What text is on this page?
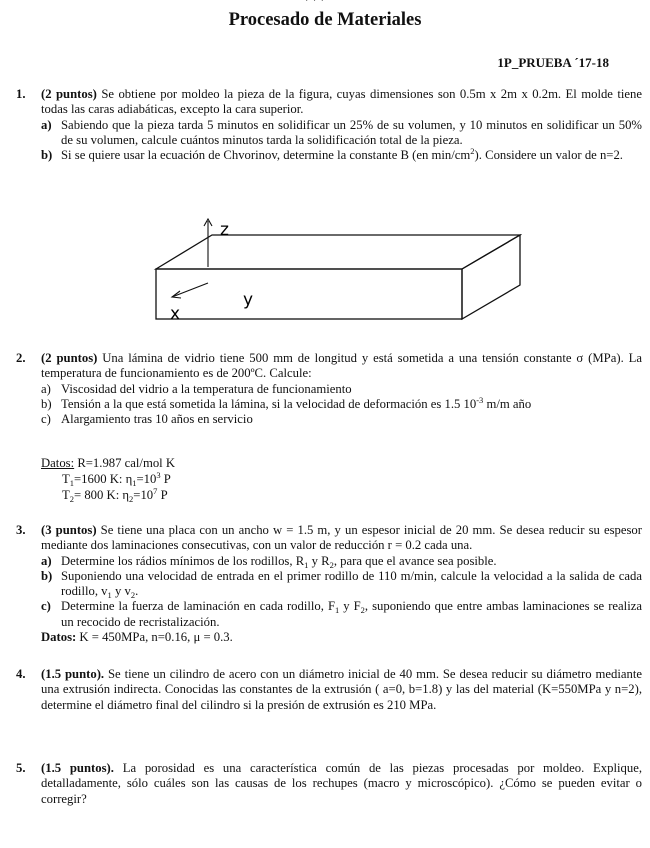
· · ·
Procesado de Materiales
1P_PRUEBA ´17-18
1. (2 puntos) Se obtiene por moldeo la pieza de la figura, cuyas dimensiones son 0.5m x 2m x 0.2m. El molde tiene todas las caras adiabáticas, excepto la cara superior.
a) Sabiendo que la pieza tarda 5 minutos en solidificar un 25% de su volumen, y 10 minutos en solidificar un 50% de su volumen, calcule cuántos minutos tarda la solidificación total de la pieza.
b) Si se quiere usar la ecuación de Chvorinov, determine la constante B (en $\min/cm^2$). Considere un valor de n=2.
z
y
x
2. (2 puntos) Una lámina de vidrio tiene 500 mm de longitud y está sometida a una tensión constante σ (MPa). La temperatura de funcionamiento es de 200ºC. Calcule:
a) Viscosidad del vidrio a la temperatura de funcionamiento
b) Tensión a la que está sometida la lámina, si la velocidad de deformación es 1.5 $10^{-3}$ m/m año
c) Alargamiento tras 10 años en servicio
Datos: R=1.987 cal/mol K
$T_1=1600$ K: $\eta_1=10^3$ P
$T_2= 800$ K: $\eta_2=10^7$ P
3. (3 puntos) Se tiene una placa con un ancho w = 1.5 m, y un espesor inicial de 20 mm. Se desea reducir su espesor mediante dos laminaciones consecutivas, con un valor de reducción r = 0.2 cada una.
a) Determine los rádios mínimos de los rodillos, $R_1$ y $R_2$, para que el avance sea posible.
b) Suponiendo una velocidad de entrada en el primer rodillo de 110 m/min, calcule la velocidad a la salida de cada rodillo, $v_1$ y $v_2$.
c) Determine la fuerza de laminación en cada rodillo, $F_1$ y $F_2$, suponiendo que entre ambas laminaciones se realiza un recocido de recristalización.
Datos: K = 450MPa, n=0.16, μ = 0.3.
4. (1.5 punto). Se tiene un cilindro de acero con un diámetro inicial de 40 mm. Se desea reducir su diámetro mediante una extrusión indirecta. Conocidas las constantes de la extrusión ( a=0, b=1.8) y las del material (K=550MPa y n=2), determine el diámetro final del cilindro si la presión de extrusión es 210 MPa.
5. (1.5 puntos). La porosidad es una característica común de las piezas procesadas por moldeo. Explique, detalladamente, sólo cuáles son las causas de los rechupes (macro y microscópico). ¿Cómo se pueden evitar o corregir?
